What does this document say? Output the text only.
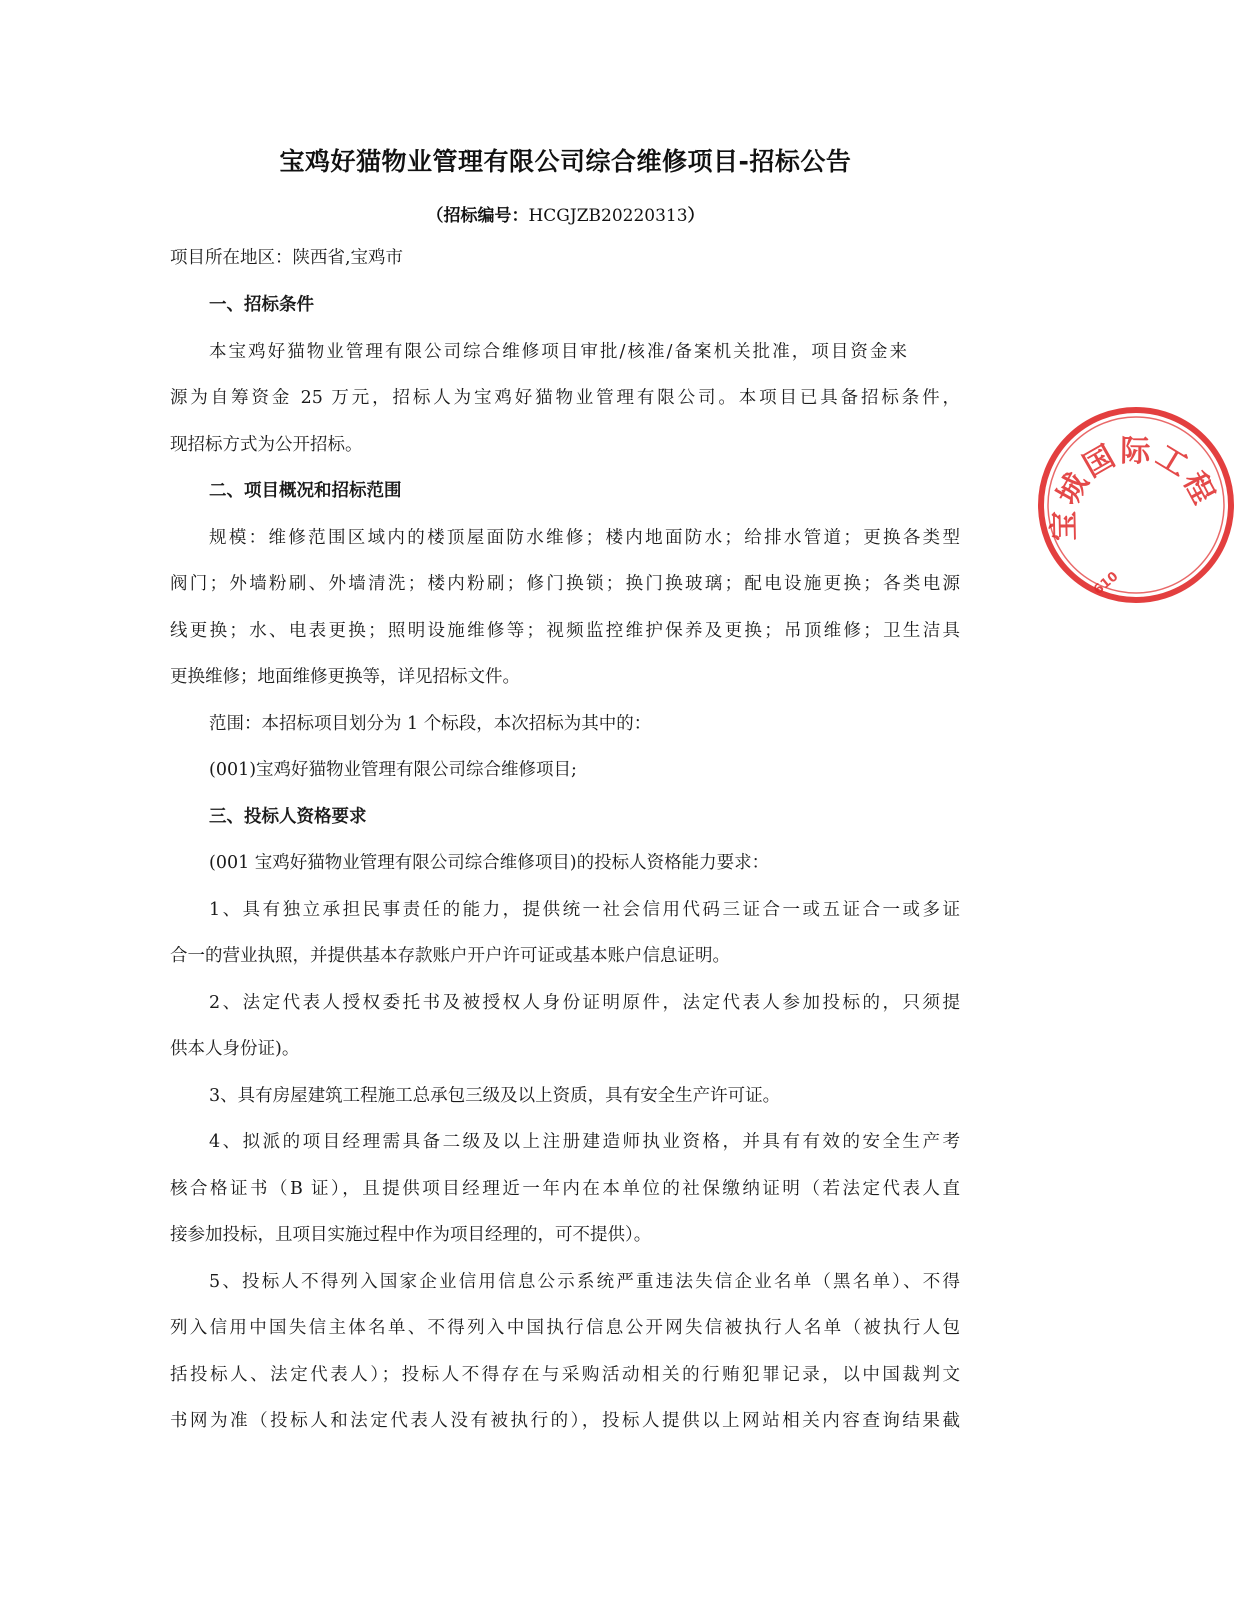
宝鸡好猫物业管理有限公司综合维修项目-招标公告
（招标编号：HCGJZB20220313）
项目所在地区：陕西省,宝鸡市
一、招标条件
本宝鸡好猫物业管理有限公司综合维修项目审批/核准/备案机关批准，项目资金来
源为自筹资金 25 万元，招标人为宝鸡好猫物业管理有限公司。本项目已具备招标条件，
现招标方式为公开招标。
二、项目概况和招标范围
规模：维修范围区域内的楼顶屋面防水维修；楼内地面防水；给排水管道；更换各类型
阀门；外墙粉刷、外墙清洗；楼内粉刷；修门换锁；换门换玻璃；配电设施更换；各类电源
线更换；水、电表更换；照明设施维修等；视频监控维护保养及更换；吊顶维修；卫生洁具
更换维修；地面维修更换等，详见招标文件。
范围：本招标项目划分为 1 个标段，本次招标为其中的：
(001)宝鸡好猫物业管理有限公司综合维修项目;
三、投标人资格要求
(001 宝鸡好猫物业管理有限公司综合维修项目)的投标人资格能力要求：
1、具有独立承担民事责任的能力，提供统一社会信用代码三证合一或五证合一或多证
合一的营业执照，并提供基本存款账户开户许可证或基本账户信息证明。
2、法定代表人授权委托书及被授权人身份证明原件，法定代表人参加投标的，只须提
供本人身份证)。
3、具有房屋建筑工程施工总承包三级及以上资质，具有安全生产许可证。
4、拟派的项目经理需具备二级及以上注册建造师执业资格，并具有有效的安全生产考
核合格证书（B 证），且提供项目经理近一年内在本单位的社保缴纳证明（若法定代表人直
接参加投标，且项目实施过程中作为项目经理的，可不提供）。
5、投标人不得列入国家企业信用信息公示系统严重违法失信企业名单（黑名单）、不得
列入信用中国失信主体名单、不得列入中国执行信息公开网失信被执行人名单（被执行人包
括投标人、法定代表人）；投标人不得存在与采购活动相关的行贿犯罪记录，以中国裁判文
书网为准（投标人和法定代表人没有被执行的），投标人提供以上网站相关内容查询结果截
宝城国际工程
610
